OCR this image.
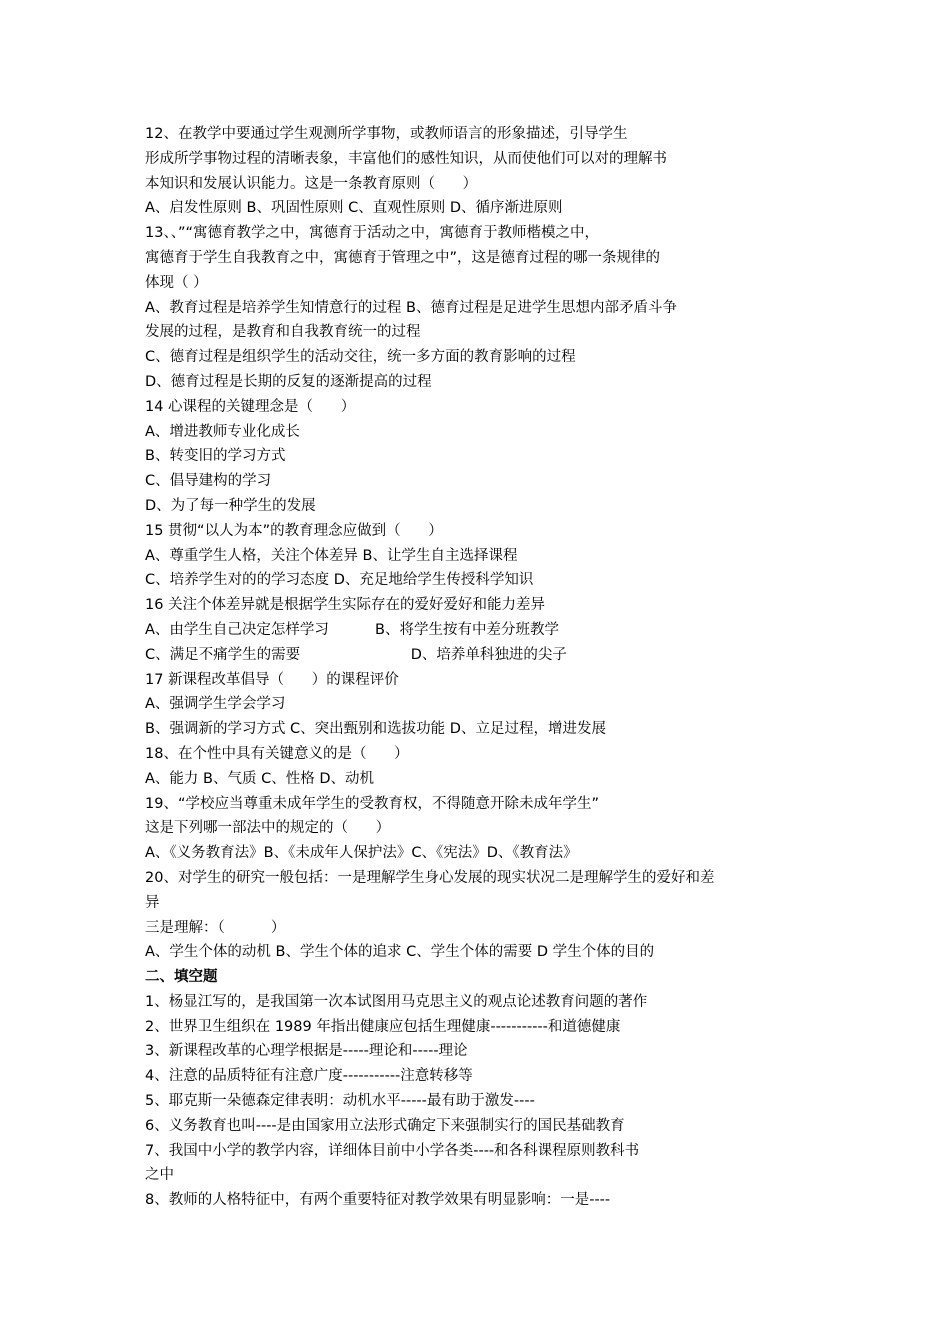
12、在教学中要通过学生观测所学事物，或教师语言的形象描述，引导学生
形成所学事物过程的清晰表象，丰富他们的感性知识，从而使他们可以对的理解书
本知识和发展认识能力。这是一条教育原则（      ）
A、启发性原则 B、巩固性原则 C、直观性原则 D、循序渐进原则
13、、”“寓德育教学之中，寓德育于活动之中，寓德育于教师楷模之中，
寓德育于学生自我教育之中，寓德育于管理之中”，这是德育过程的哪一条规律的
体现（ ）
A、教育过程是培养学生知情意行的过程 B、德育过程是足进学生思想内部矛盾斗争
发展的过程，是教育和自我教育统一的过程
C、德育过程是组织学生的活动交往，统一多方面的教育影响的过程
D、德育过程是长期的反复的逐渐提高的过程
14 心课程的关键理念是（      ）
A、增进教师专业化成长
B、转变旧的学习方式
C、倡导建构的学习
D、为了每一种学生的发展
15 贯彻“以人为本”的教育理念应做到（      ）
A、尊重学生人格，关注个体差异 B、让学生自主选择课程
C、培养学生对的的学习态度 D、充足地给学生传授科学知识
16 关注个体差异就是根据学生实际存在的爱好爱好和能力差异
A、由学生自己决定怎样学习          B、将学生按有中差分班教学
C、满足不痛学生的需要                        D、培养单科独进的尖子
17 新课程改革倡导（      ）的课程评价
A、强调学生学会学习
B、强调新的学习方式 C、突出甄别和选拔功能 D、立足过程，增进发展
18、在个性中具有关键意义的是（      ）
A、能力 B、气质 C、性格 D、动机
19、“学校应当尊重未成年学生的受教育权，不得随意开除未成年学生”
这是下列哪一部法中的规定的（      ）
A、《义务教育法》B、《未成年人保护法》C、《宪法》D、《教育法》
20、对学生的研究一般包括：一是理解学生身心发展的现实状况二是理解学生的爱好和差
异
三是理解：（          ）
A、学生个体的动机 B、学生个体的追求 C、学生个体的需要 D 学生个体的目的
二、填空题
1、杨显江写的，是我国第一次本试图用马克思主义的观点论述教育问题的著作
2、世界卫生组织在 1989 年指出健康应包括生理健康-----------和道德健康
3、新课程改革的心理学根据是-----理论和-----理论
4、注意的品质特征有注意广度-----------注意转移等
5、耶克斯一朵德森定律表明：动机水平-----最有助于激发----
6、义务教育也叫----是由国家用立法形式确定下来强制实行的国民基础教育
7、我国中小学的教学内容，详细体目前中小学各类----和各科课程原则教科书
之中
8、教师的人格特征中，有两个重要特征对教学效果有明显影响：一是----
